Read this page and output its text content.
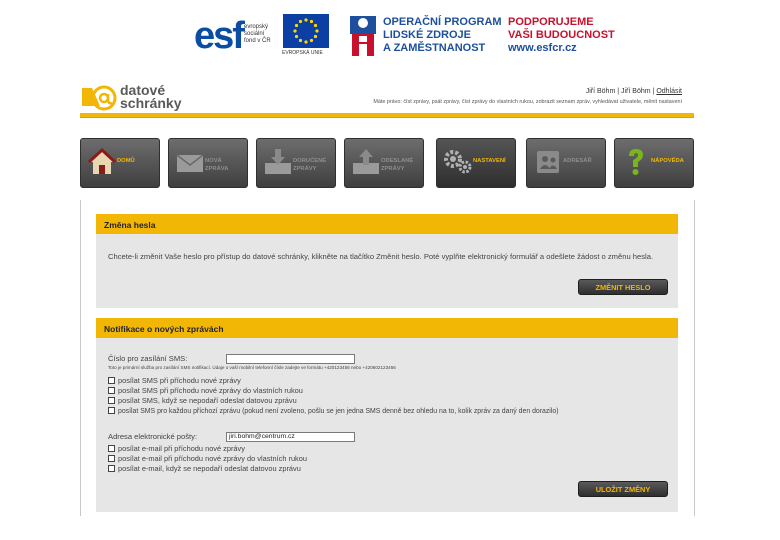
esf evropský
sociální
fond v ČR
EVROPSKÁ UNIE
OPERAČNÍ PROGRAM
LIDSKÉ ZDROJE
A ZAMĚSTNANOST
PODPORUJEME
VAŠI BUDOUCNOST
www.esfcr.cz
datové
schránky
Jiří Böhm | Jiří Böhm | Odhlásit
Máte právo: číst zprávy, psát zprávy, číst zprávy do vlastních rukou, zobrazit seznam zpráv, vyhledávat uživatele, měnit nastavení
DOMŮ	NOVÁ
ZPRÁVA
DORUČENÉ
ZPRÁVY
ODESLANÉ
ZPRÁVY
NASTAVENÍ	ADRESÁŘ	NÁPOVĚDA
Změna hesla
Chcete-li změnit Vaše heslo pro přístup do datové schránky, klikněte na tlačítko Změnit heslo. Poté vyplňte elektronický formulář a odešlete žádost o změnu hesla.
ZMĚNIT HESLO
Notifikace o nových zprávách
Číslo pro zasílání SMS:
Toto je primární služba pro zasílání SMS notifikací. Údaje o vaší mobilní telefonní čísle zadejte ve formátu +420123456 nebo +420602123456
posílat SMS při příchodu nové zprávy
posílat SMS při příchodu nové zprávy do vlastních rukou
posílat SMS, když se nepodaří odeslat datovou zprávu
posílat SMS pro každou příchozí zprávu (pokud není zvoleno, pošlu se jen jedna SMS denně bez ohledu na to, kolik zpráv za daný den dorazilo)
Adresa elektronické pošty:	jiri.bohm@centrum.cz
posílat e-mail při příchodu nové zprávy
posílat e-mail při příchodu nové zprávy do vlastních rukou
posílat e-mail, když se nepodaří odeslat datovou zprávu
ULOŽIT ZMĚNY
